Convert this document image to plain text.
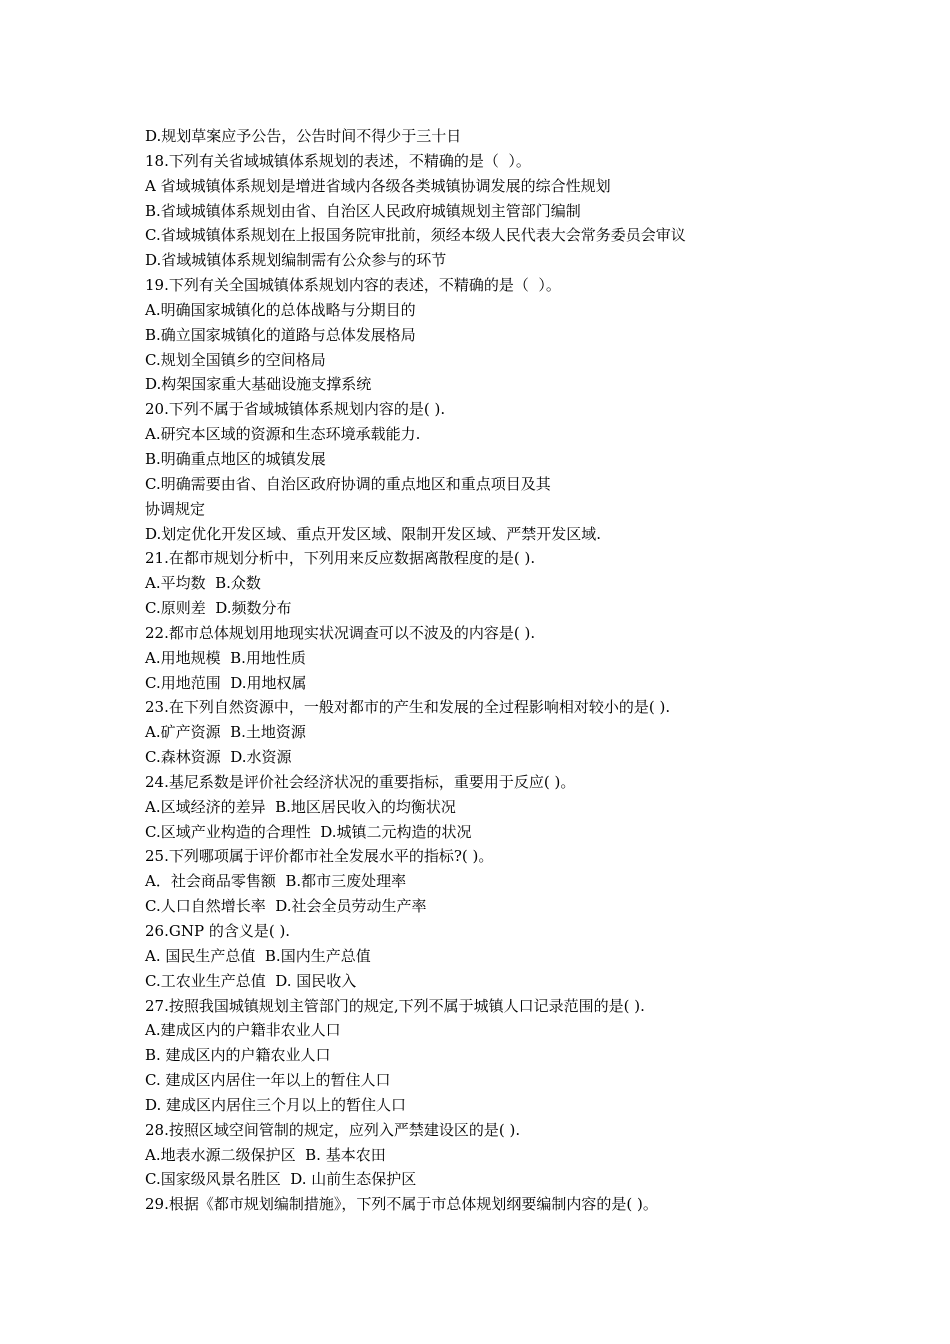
D.规划草案应予公告，公告时间不得少于三十日
18.下列有关省域城镇体系规划的表述，不精确的是（  ）。
A 省域城镇体系规划是增进省域内各级各类城镇协调发展的综合性规划
B.省域城镇体系规划由省、自治区人民政府城镇规划主管部门编制
C.省域城镇体系规划在上报国务院审批前，须经本级人民代表大会常务委员会审议
D.省域城镇体系规划编制需有公众参与的环节
19.下列有关全国城镇体系规划内容的表述，不精确的是（  ）。
A.明确国家城镇化的总体战略与分期目的
B.确立国家城镇化的道路与总体发展格局
C.规划全国镇乡的空间格局
D.构架国家重大基础设施支撑系统
20.下列不属于省域城镇体系规划内容的是( ).
A.研究本区域的资源和生态环境承载能力.
B.明确重点地区的城镇发展
C.明确需要由省、自治区政府协调的重点地区和重点项目及其
协调规定
D.划定优化开发区域、重点开发区域、限制开发区域、严禁开发区域.
21.在都市规划分析中，下列用来反应数据离散程度的是( ).
A.平均数  B.众数
C.原则差  D.频数分布
22.都市总体规划用地现实状况调查可以不波及的内容是( ).
A.用地规模  B.用地性质
C.用地范围  D.用地权属
23.在下列自然资源中，一般对都市的产生和发展的全过程影响相对较小的是( ).
A.矿产资源  B.土地资源
C.森林资源  D.水资源
24.基尼系数是评价社会经济状况的重要指标，重要用于反应( )。
A.区域经济的差异  B.地区居民收入的均衡状况
C.区域产业构造的合理性  D.城镇二元构造的状况
25.下列哪项属于评价都市社全发展水平的指标?( )。
A．社会商品零售额  B.都市三废处理率
C.人口自然增长率  D.社会全员劳动生产率
26.GNP 的含义是( ).
A. 国民生产总值  B.国内生产总值
C.工农业生产总值  D. 国民收入
27.按照我国城镇规划主管部门的规定,下列不属于城镇人口记录范围的是( ).
A.建成区内的户籍非农业人口
B. 建成区内的户籍农业人口
C. 建成区内居住一年以上的暂住人口
D. 建成区内居住三个月以上的暂住人口
28.按照区域空间管制的规定，应列入严禁建设区的是( ).
A.地表水源二级保护区  B. 基本农田
C.国家级风景名胜区  D. 山前生态保护区
29.根据《都市规划编制措施》，下列不属于市总体规划纲要编制内容的是( )。
